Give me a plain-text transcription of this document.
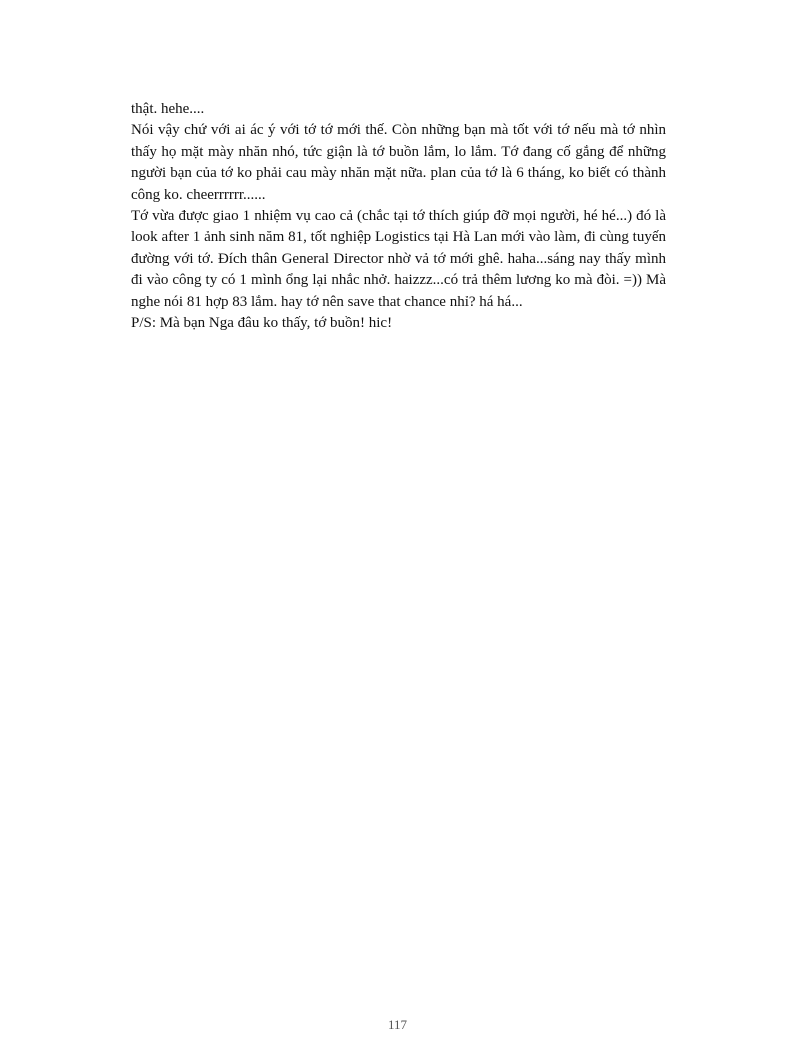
thật. hehe....

Nói vậy chứ với ai ác ý với tớ tớ mới thế. Còn những bạn mà tốt với tớ nếu mà tớ nhìn thấy họ mặt mày nhăn nhó, tức giận là tớ buồn lắm, lo lắm. Tớ đang cố gắng để những người bạn của tớ ko phải cau mày nhăn mặt nữa. plan của tớ là 6 tháng, ko biết có thành công ko. cheerrrrrr......

Tớ vừa được giao 1 nhiệm vụ cao cả (chắc tại tớ thích giúp đỡ mọi người, hé hé...) đó là look after 1 ảnh sinh năm 81, tốt nghiệp Logistics tại Hà Lan mới vào làm, đi cùng tuyến đường với tớ. Đích thân General Director nhờ vả tớ mới ghê. haha...sáng nay thấy mình đi vào công ty có 1 mình ổng lại nhắc nhở. haizzz...có trả thêm lương ko mà đòi. =)) Mà nghe nói 81 hợp 83 lắm. hay tớ nên save that chance nhỉ? há há...

P/S: Mà bạn Nga đâu ko thấy, tớ buồn! hic!

117
